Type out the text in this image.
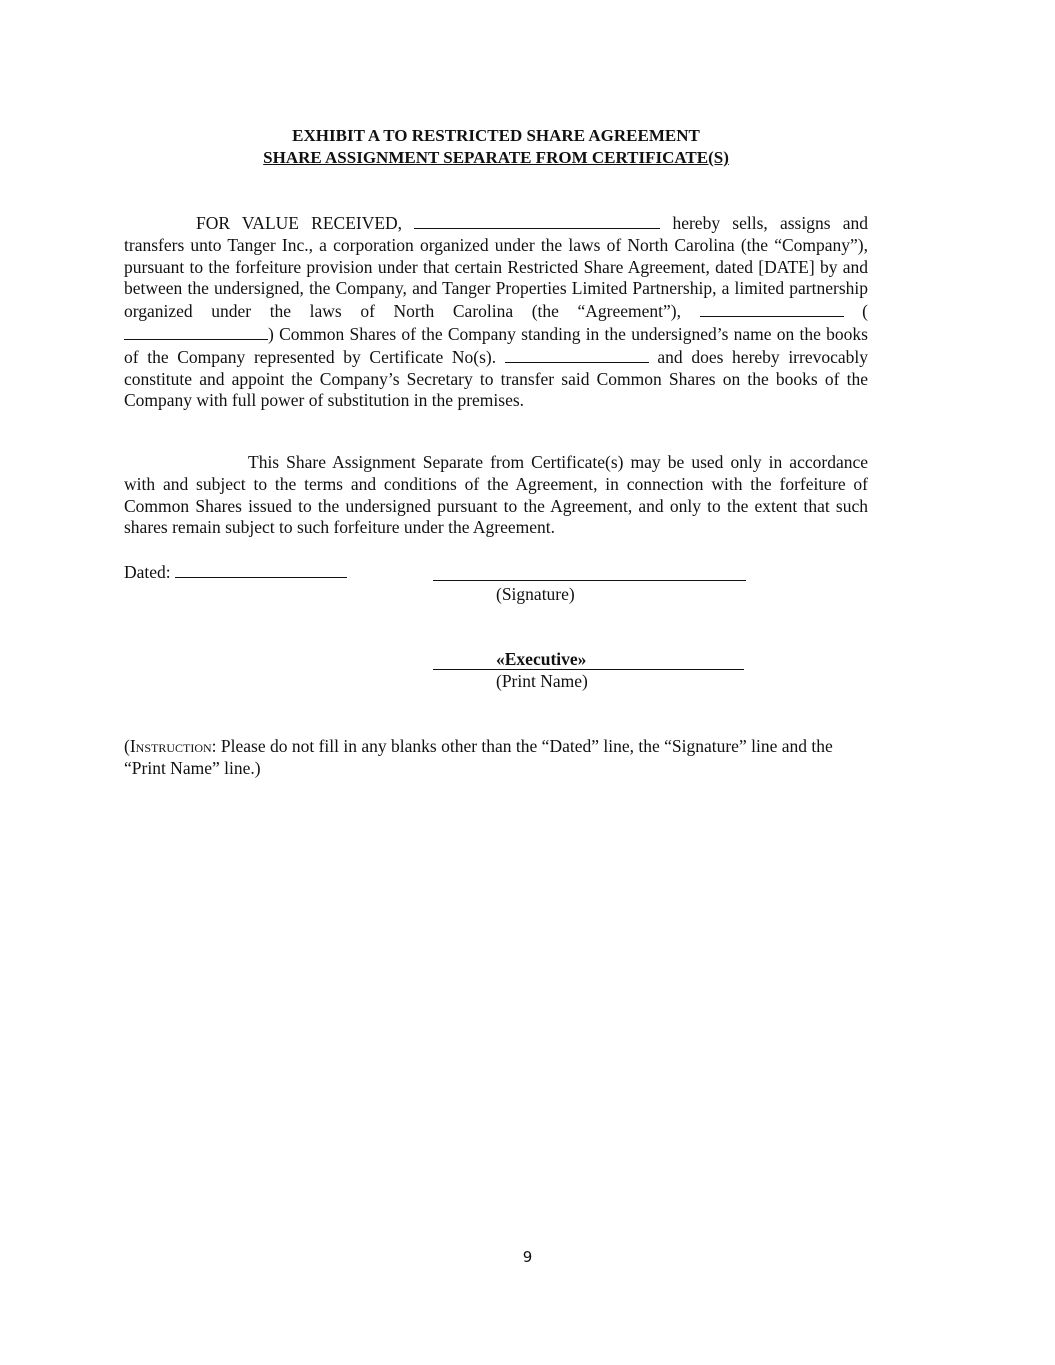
EXHIBIT A TO RESTRICTED SHARE AGREEMENT
SHARE ASSIGNMENT SEPARATE FROM CERTIFICATE(S)
FOR VALUE RECEIVED,	hereby sells, assigns and transfers unto Tanger Inc., a corporation organized under the laws of North Carolina (the “Company”), pursuant to the forfeiture provision under that certain Restricted Share Agreement, dated [DATE] by and between the undersigned, the Company, and Tanger Properties Limited Partnership, a limited partnership organized under the laws of North Carolina (the “Agreement”),	() Common Shares of the Company standing in the undersigned’s name on the books of the Company represented by Certificate No(s).	and does hereby irrevocably constitute and appoint the Company’s Secretary to transfer said Common Shares on the books of the Company with full power of substitution in the premises.
This Share Assignment Separate from Certificate(s) may be used only in accordance with and subject to the terms and conditions of the Agreement, in connection with the forfeiture of Common Shares issued to the undersigned pursuant to the Agreement, and only to the extent that such shares remain subject to such forfeiture under the Agreement.
Dated:
(Signature)
«Executive»
(Print Name)
(Instruction: Please do not fill in any blanks other than the “Dated” line, the “Signature” line and the “Print Name” line.)
9
